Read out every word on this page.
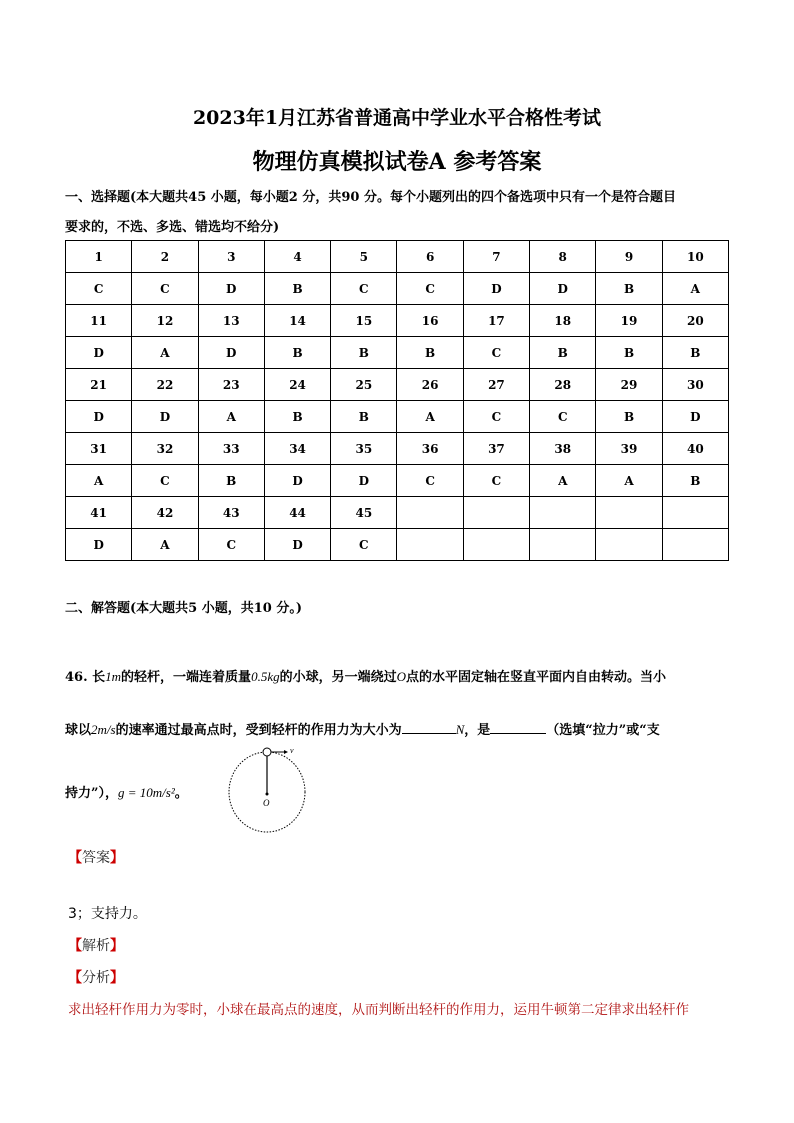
2023年1月江苏省普通高中学业水平合格性考试
物理仿真模拟试卷A 参考答案
一、选择题(本大题共45 小题，每小题2 分，共90 分。每个小题列出的四个备选项中只有一个是符合题目
要求的，不选、多选、错选均不给分)
1	2	3	4	5	6	7	8	9	10
C	C	D	B	C	C	D	D	B	A
11	12	13	14	15	16	17	18	19	20
D	A	D	B	B	B	C	B	B	B
21	22	23	24	25	26	27	28	29	30
D	D	A	B	B	A	C	C	B	D
31	32	33	34	35	36	37	38	39	40
A	C	B	D	D	C	C	A	A	B
41	42	43	44	45					
D	A	C	D	C					
二、解答题(本大题共5 小题，共10 分。)
46. 长1m的轻杆，一端连着质量0.5kg的小球，另一端绕过O点的水平固定轴在竖直平面内自由转动。当小
球以2m/s的速率通过最高点时，受到轻杆的作用力为大小为	N，是	（选填“拉力”或“支
持力”），g = 10m/s²。
v
O
【答案】
3；支持力。
【解析】
【分析】
求出轻杆作用力为零时，小球在最高点的速度，从而判断出轻杆的作用力，运用牛顿第二定律求出轻杆作
